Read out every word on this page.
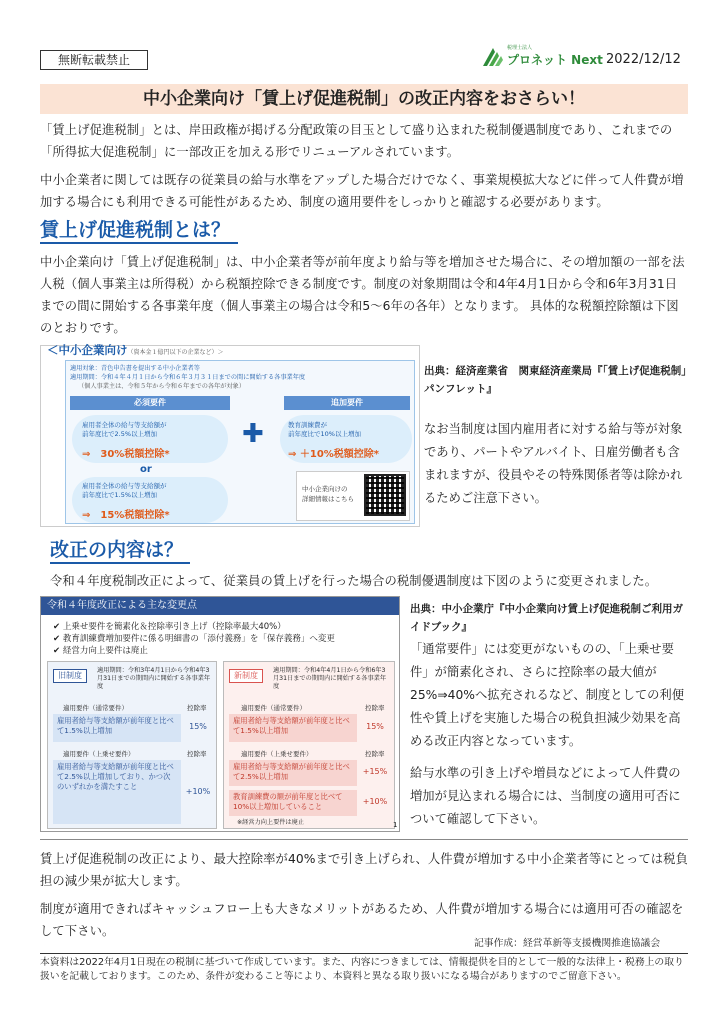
無断転載禁止
税理士法人
プロネット Next 2022/12/12
中小企業向け「賃上げ促進税制」の改正内容をおさらい！
「賃上げ促進税制」とは、岸田政権が掲げる分配政策の目玉として盛り込まれた税制優遇制度であり、これまでの「所得拡大促進税制」に一部改正を加える形でリニューアルされています。
中小企業者に関しては既存の従業員の給与水準をアップした場合だけでなく、事業規模拡大などに伴って人件費が増加する場合にも利用できる可能性があるため、制度の適用要件をしっかりと確認する必要があります。
賃上げ促進税制とは？
中小企業向け「賃上げ促進税制」は、中小企業者等が前年度より給与等を増加させた場合に、その増加額の一部を法人税（個人事業主は所得税）から税額控除できる制度です。制度の対象期間は令和4年4月1日から令和6年3月31日までの間に開始する各事業年度（個人事業主の場合は令和5～6年の各年）となります。 具体的な税額控除額は下図のとおりです。
＜中小企業向け（資本金１億円以下の企業など）＞
適用対象：青色申告書を提出する中小企業者等
適用期間：令和４年４月１日から令和６年３月３１日までの間に開始する各事業年度
（個人事業主は、令和５年から令和６年までの各年が対象）
必須要件	追加要件
雇用者全体の給与等支給額が
前年度比で2.5%以上増加
⇒　30%税額控除*
or
雇用者全体の給与等支給額が
前年度比で1.5%以上増加
⇒　15%税額控除*
✚	教育訓練費が
前年度比で10%以上増加
⇒ ＋10%税額控除*
中小企業向けの
詳細情報はこちら
出典：経済産業省　関東経済産業局『「賃上げ促進税制」パンフレット』
なお当制度は国内雇用者に対する給与等が対象であり、パートやアルバイト、日雇労働者も含まれますが、役員やその特殊関係者等は除かれるためご注意下さい。
改正の内容は？
令和４年度税制改正によって、従業員の賃上げを行った場合の税制優遇制度は下図のように変更されました。
令和４年度改正による主な変更点
✔ 上乗せ要件を簡素化＆控除率引き上げ（控除率最大40%）
✔ 教育訓練費増加要件に係る明細書の「添付義務」を「保存義務」へ変更
✔ 経営力向上要件は廃止
旧制度
適用期間：令和3年4月1日から令和4年3月31日までの期間内に開始する各事業年度
適用要件（通常要件）	控除率
雇用者給与等支給額が前年度と比べて1.5%以上増加	15%
適用要件（上乗せ要件）	控除率
雇用者給与等支給額が前年度と比べて2.5%以上増加しており、かつ次のいずれかを満たすこと
+10%
新制度
適用期間：令和4年4月1日から令和6年3月31日までの期間内に開始する各事業年度
適用要件（通常要件）	控除率
雇用者給与等支給額が前年度と比べて1.5%以上増加	15%
適用要件（上乗せ要件）	控除率
雇用者給与等支給額が前年度と比べて2.5%以上増加
+15%
教育訓練費の額が前年度と比べて10%以上増加していること
+10%
※経営力向上要件は廃止	1
出典：中小企業庁『中小企業向け賃上げ促進税制ご利用ガイドブック』
「通常要件」には変更がないものの、「上乗せ要件」が簡素化され、さらに控除率の最大値が25%⇒40%へ拡充されるなど、制度としての利便性や賃上げを実施した場合の税負担減少効果を高める改正内容となっています。
給与水準の引き上げや増員などによって人件費の増加が見込まれる場合には、当制度の適用可否について確認して下さい。
賃上げ促進税制の改正により、最大控除率が40%まで引き上げられ、人件費が増加する中小企業者等にとっては税負担の減少果が拡大します。
制度が適用できればキャッシュフロー上も大きなメリットがあるため、人件費が増加する場合には適用可否の確認をして下さい。
記事作成：経営革新等支援機関推進協議会
本資料は2022年4月1日現在の税制に基づいて作成しています。また、内容につきましては、情報提供を目的として一般的な法律上・税務上の取り扱いを記載しております。このため、条件が変わること等により、本資料と異なる取り扱いになる場合がありますのでご留意下さい。
